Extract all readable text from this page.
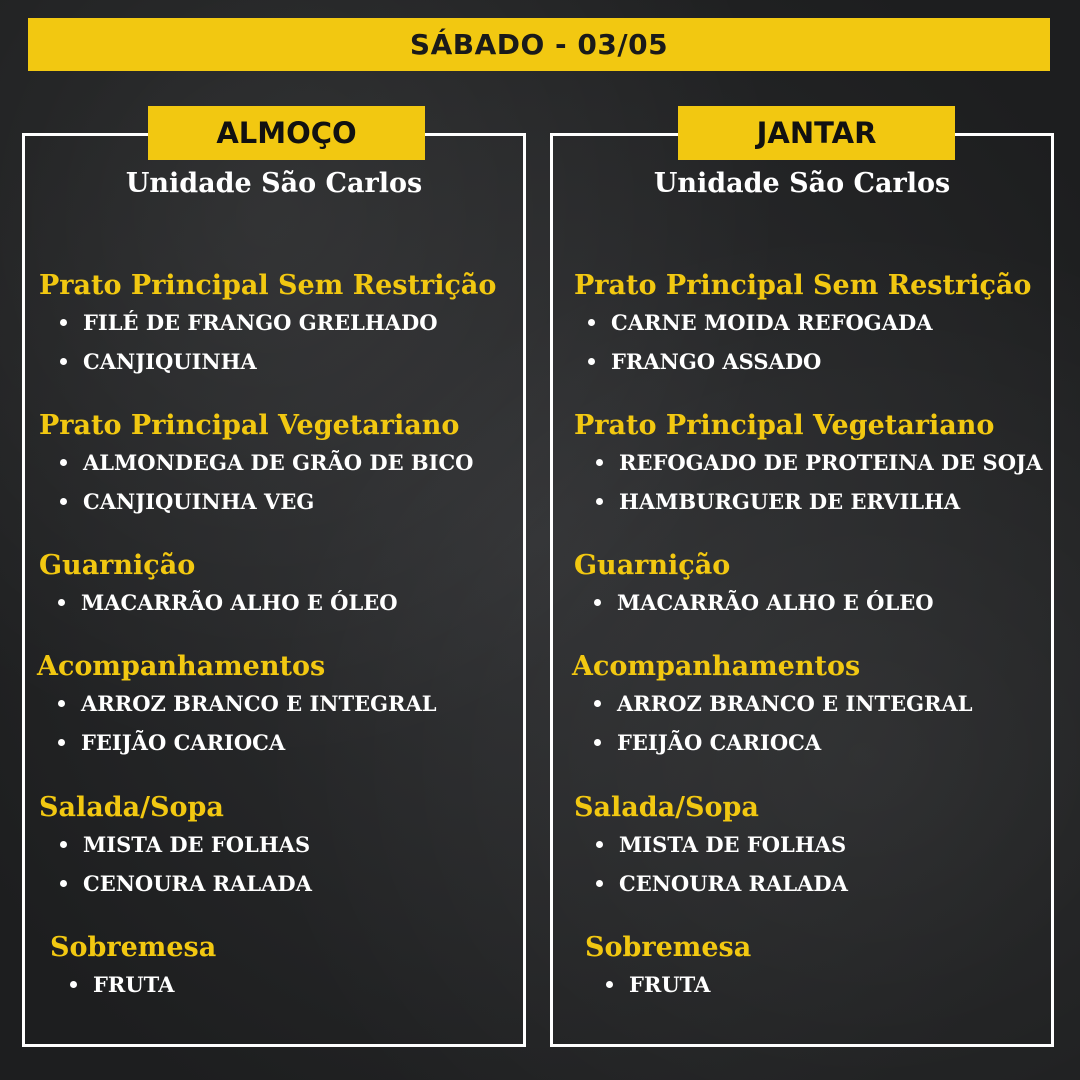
SÁBADO - 03/05
ALMOÇO	JANTAR
Unidade São Carlos	Unidade São Carlos
Prato Principal Sem Restrição
FILÉ DE FRANGO GRELHADO
CANJIQUINHA
Prato Principal Vegetariano
ALMONDEGA DE GRÃO DE BICO
CANJIQUINHA VEG
Guarnição
MACARRÃO ALHO E ÓLEO
Acompanhamentos
ARROZ BRANCO E INTEGRAL
FEIJÃO CARIOCA
Salada/Sopa
MISTA DE FOLHAS
CENOURA RALADA
Sobremesa
FRUTA
Prato Principal Sem Restrição
CARNE MOIDA REFOGADA
FRANGO ASSADO
Prato Principal Vegetariano
REFOGADO DE PROTEINA DE SOJA
HAMBURGUER DE ERVILHA
Guarnição
MACARRÃO ALHO E ÓLEO
Acompanhamentos
ARROZ BRANCO E INTEGRAL
FEIJÃO CARIOCA
Salada/Sopa
MISTA DE FOLHAS
CENOURA RALADA
Sobremesa
FRUTA
